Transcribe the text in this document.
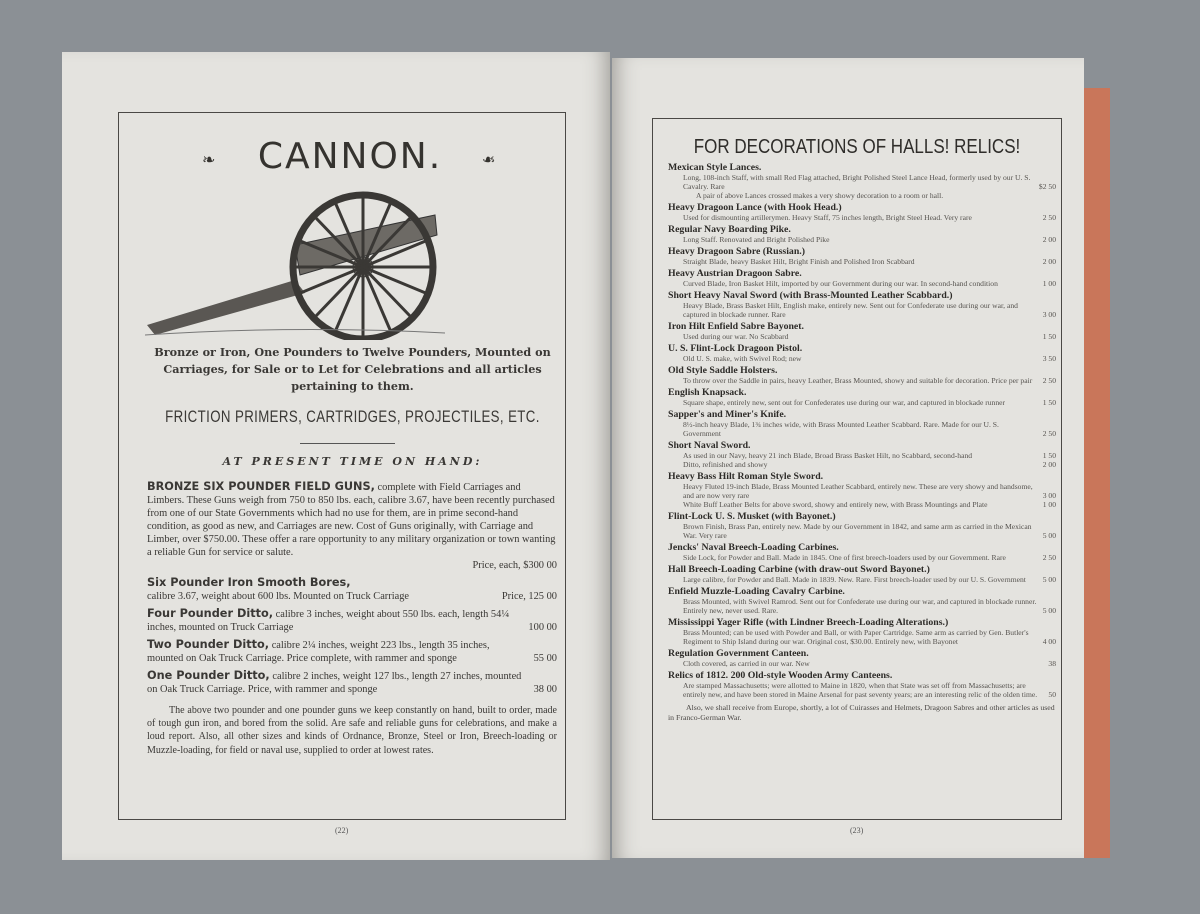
❧	CANNON.	❧
Bronze or Iron, One Pounders to Twelve Pounders, Mounted on Carriages, for Sale or to Let for Celebrations and all articles pertaining to them.
FRICTION PRIMERS, CARTRIDGES, PROJECTILES, ETC.
AT PRESENT TIME ON HAND:
BRONZE SIX POUNDER FIELD GUNS, complete with Field Carriages and Limbers. These Guns weigh from 750 to 850 lbs. each, calibre 3.67, have been recently purchased from one of our State Governments which had no use for them, are in prime second-hand condition, as good as new, and Carriages are new. Cost of Guns originally, with Carriage and Limber, over $750.00. These offer a rare opportunity to any military organization or town wanting a reliable Gun for service or salute.
Price, each, $300 00
Six Pounder Iron Smooth Bores,
calibre 3.67, weight about 600 lbs. Mounted on Truck Carriage	Price, 125 00
Four Pounder Ditto, calibre 3 inches, weight about 550 lbs. each, length 54¼ inches, mounted on Truck Carriage	100 00
Two Pounder Ditto, calibre 2¼ inches, weight 223 lbs., length 35 inches, mounted on Oak Truck Carriage. Price complete, with rammer and sponge	55 00
One Pounder Ditto, calibre 2 inches, weight 127 lbs., length 27 inches, mounted on Oak Truck Carriage. Price, with rammer and sponge	38 00
The above two pounder and one pounder guns we keep constantly on hand, built to order, made of tough gun iron, and bored from the solid. Are safe and reliable guns for celebrations, and make a loud report. Also, all other sizes and kinds of Ordnance, Bronze, Steel or Iron, Breech-loading or Muzzle-loading, for field or naval use, supplied to order at lowest rates.
(22)
FOR DECORATIONS OF HALLS! RELICS!
Mexican Style Lances.
Long, 108-inch Staff, with small Red Flag attached, Bright Polished Steel Lance Head, formerly used by our U. S. Cavalry. Rare	$2 50
A pair of above Lances crossed makes a very showy decoration to a room or hall.
Heavy Dragoon Lance (with Hook Head.)
Used for dismounting artillerymen. Heavy Staff, 75 inches length, Bright Steel Head. Very rare	2 50
Regular Navy Boarding Pike.
Long Staff. Renovated and Bright Polished Pike	2 00
Heavy Dragoon Sabre (Russian.)
Straight Blade, heavy Basket Hilt, Bright Finish and Polished Iron Scabbard	2 00
Heavy Austrian Dragoon Sabre.
Curved Blade, Iron Basket Hilt, imported by our Government during our war. In second-hand condition	1 00
Short Heavy Naval Sword (with Brass-Mounted Leather Scabbard.)
Heavy Blade, Brass Basket Hilt, English make, entirely new. Sent out for Confederate use during our war, and captured in blockade runner. Rare	3 00
Iron Hilt Enfield Sabre Bayonet.
Used during our war. No Scabbard	1 50
U. S. Flint-Lock Dragoon Pistol.
Old U. S. make, with Swivel Rod; new	3 50
Old Style Saddle Holsters.
To throw over the Saddle in pairs, heavy Leather, Brass Mounted, showy and suitable for decoration. Price per pair	2 50
English Knapsack.
Square shape, entirely new, sent out for Confederates use during our war, and captured in blockade runner	1 50
Sapper's and Miner's Knife.
8½-inch heavy Blade, 1¾ inches wide, with Brass Mounted Leather Scabbard. Rare. Made for our U. S. Government	2 50
Short Naval Sword.
As used in our Navy, heavy 21 inch Blade, Broad Brass Basket Hilt, no Scabbard, second-hand	1 50
Ditto, refinished and showy	2 00
Heavy Bass Hilt Roman Style Sword.
Heavy Fluted 19-inch Blade, Brass Mounted Leather Scabbard, entirely new. These are very showy and handsome, and are now very rare	3 00
White Buff Leather Belts for above sword, showy and entirely new, with Brass Mountings and Plate	1 00
Flint-Lock U. S. Musket (with Bayonet.)
Brown Finish, Brass Pan, entirely new. Made by our Government in 1842, and same arm as carried in the Mexican War. Very rare	5 00
Jencks' Naval Breech-Loading Carbines.
Side Lock, for Powder and Ball. Made in 1845. One of first breech-loaders used by our Government. Rare	2 50
Hall Breech-Loading Carbine (with draw-out Sword Bayonet.)
Large calibre, for Powder and Ball. Made in 1839. New. Rare. First breech-loader used by our U. S. Government	5 00
Enfield Muzzle-Loading Cavalry Carbine.
Brass Mounted, with Swivel Ramrod. Sent out for Confederate use during our war, and captured in blockade runner. Entirely new, never used. Rare.	5 00
Mississippi Yager Rifle (with Lindner Breech-Loading Alterations.)
Brass Mounted; can be used with Powder and Ball, or with Paper Cartridge. Same arm as carried by Gen. Butler's Regiment to Ship Island during our war. Original cost, $30.00. Entirely new, with Bayonet	4 00
Regulation Government Canteen.
Cloth covered, as carried in our war. New	38
Relics of 1812. 200 Old-style Wooden Army Canteens.
Are stamped Massachusetts; were allotted to Maine in 1820, when that State was set off from Massachusetts; are entirely new, and have been stored in Maine Arsenal for past seventy years; are an interesting relic of the olden time.	50
Also, we shall receive from Europe, shortly, a lot of Cuirasses and Helmets, Dragoon Sabres and other articles as used in Franco-German War.
(23)
